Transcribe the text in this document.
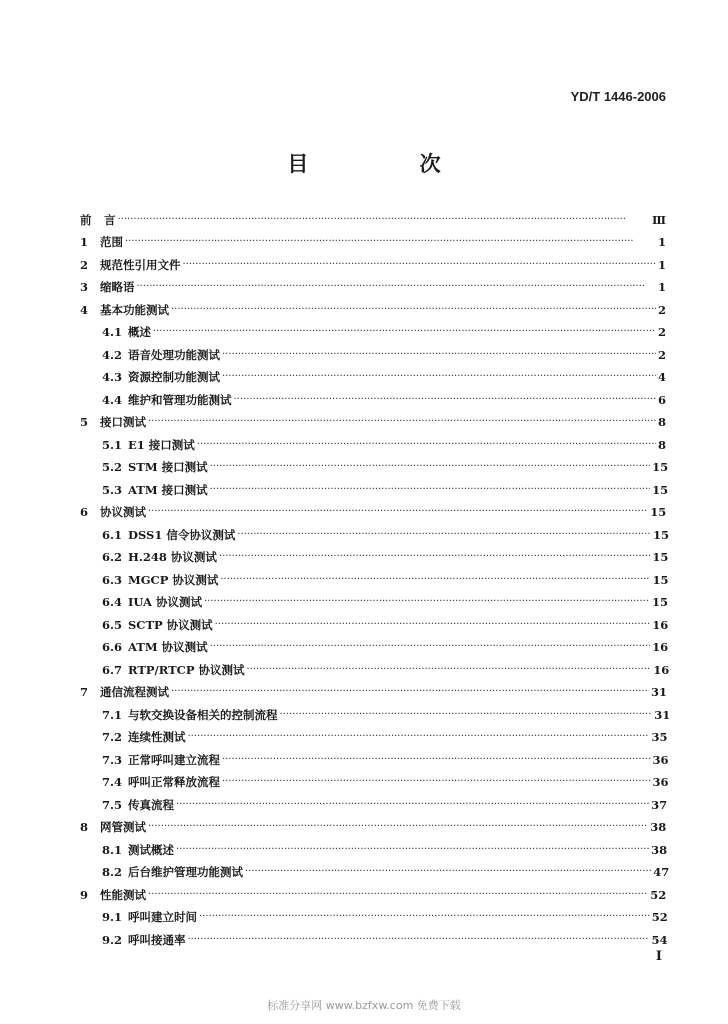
YD/T 1446-2006
目 次
前	言 ·····	Ⅲ
1	范围 ·····	1
2	规范性引用文件 ·····	1
3	缩略语 ·····	1
4	基本功能测试 ·····	2
4.1 概述 ·····	2
4.2 语音处理功能测试 ·····	2
4.3 资源控制功能测试 ·····	4
4.4 维护和管理功能测试 ·····	6
5	接口测试 ·····	8
5.1 E1 接口测试 ·····	8
5.2 STM 接口测试 ·····	15
5.3 ATM 接口测试 ·····	15
6	协议测试 ·····	15
6.1 DSS1 信令协议测试 ·····	15
6.2 H.248 协议测试 ·····	15
6.3 MGCP 协议测试 ·····	15
6.4 IUA 协议测试 ·····	15
6.5 SCTP 协议测试 ·····	16
6.6 ATM 协议测试 ·····	16
6.7 RTP/RTCP 协议测试 ·····	16
7	通信流程测试 ·····	31
7.1 与软交换设备相关的控制流程 ·····	31
7.2 连续性测试 ·····	35
7.3 正常呼叫建立流程 ·····	36
7.4 呼叫正常释放流程 ·····	36
7.5 传真流程 ·····	37
8	网管测试 ·····	38
8.1 测试概述 ·····	38
8.2 后台维护管理功能测试 ·····	47
9	性能测试 ·····	52
9.1 呼叫建立时间 ·····	52
9.2 呼叫接通率 ·····	54
I
标准分享网 www.bzfxw.com 免费下载
